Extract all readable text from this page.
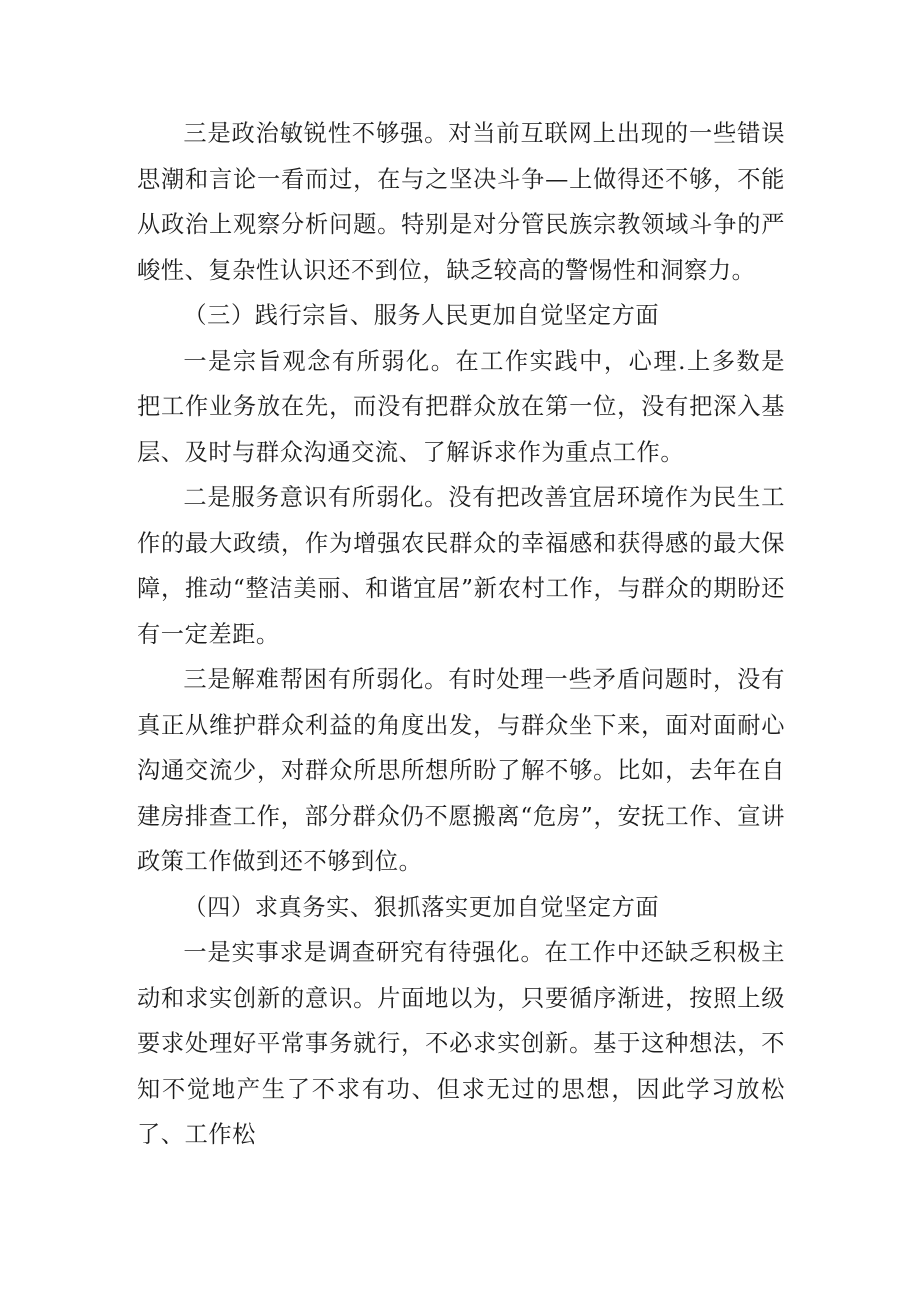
三是政治敏锐性不够强。对当前互联网上出现的一些错误思潮和言论一看而过，在与之坚决斗争—上做得还不够，不能从政治上观察分析问题。特别是对分管民族宗教领域斗争的严峻性、复杂性认识还不到位，缺乏较高的警惕性和洞察力。

（三）践行宗旨、服务人民更加自觉坚定方面

一是宗旨观念有所弱化。在工作实践中，心理.上多数是把工作业务放在先，而没有把群众放在第一位，没有把深入基层、及时与群众沟通交流、了解诉求作为重点工作。

二是服务意识有所弱化。没有把改善宜居环境作为民生工作的最大政绩，作为增强农民群众的幸福感和获得感的最大保障，推动“整洁美丽、和谐宜居”新农村工作，与群众的期盼还有一定差距。

三是解难帮困有所弱化。有时处理一些矛盾问题时，没有真正从维护群众利益的角度出发，与群众坐下来，面对面耐心沟通交流少，对群众所思所想所盼了解不够。比如，去年在自建房排查工作，部分群众仍不愿搬离“危房”，安抚工作、宣讲政策工作做到还不够到位。

（四）求真务实、狠抓落实更加自觉坚定方面

一是实事求是调查研究有待强化。在工作中还缺乏积极主动和求实创新的意识。片面地以为，只要循序渐进，按照上级要求处理好平常事务就行，不必求实创新。基于这种想法，不知不觉地产生了不求有功、但求无过的思想，因此学习放松了、工作松
